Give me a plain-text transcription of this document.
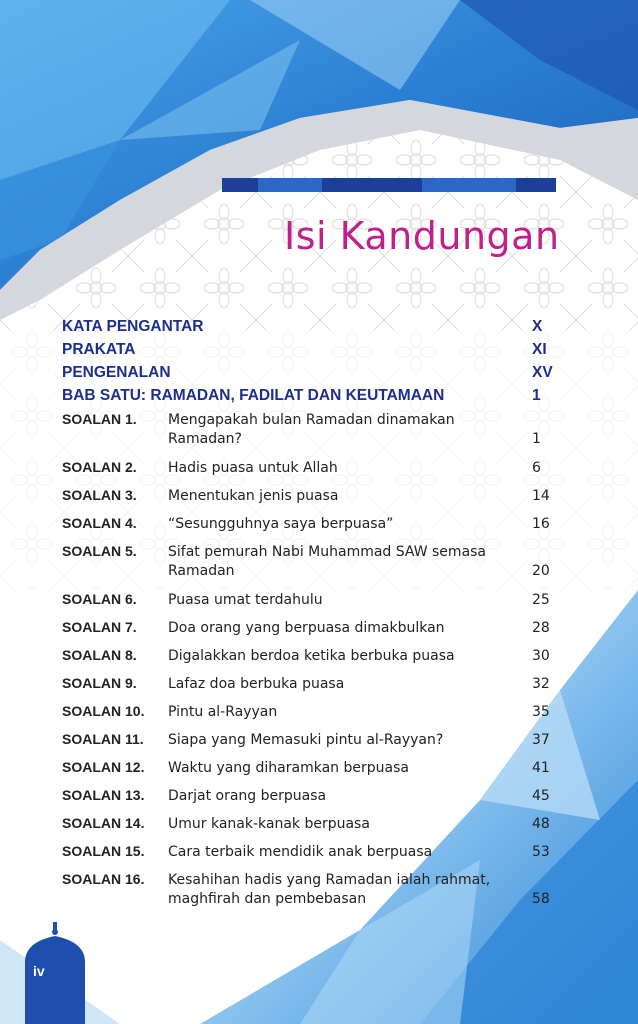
Isi Kandungan
KATA PENGANTAR	X
PRAKATA	XI
PENGENALAN	XV
BAB SATU: RAMADAN, FADILAT DAN KEUTAMAAN	1
SOALAN 1.	Mengapakah bulan Ramadan dinamakan Ramadan?	1
SOALAN 2.	Hadis puasa untuk Allah	6
SOALAN 3.	Menentukan jenis puasa	14
SOALAN 4.	“Sesungguhnya saya berpuasa”	16
SOALAN 5.	Sifat pemurah Nabi Muhammad SAW semasa Ramadan	20
SOALAN 6.	Puasa umat terdahulu	25
SOALAN 7.	Doa orang yang berpuasa dimakbulkan	28
SOALAN 8.	Digalakkan berdoa ketika berbuka puasa	30
SOALAN 9.	Lafaz doa berbuka puasa	32
SOALAN 10.	Pintu al-Rayyan	35
SOALAN 11.	Siapa yang Memasuki pintu al-Rayyan?	37
SOALAN 12.	Waktu yang diharamkan berpuasa	41
SOALAN 13.	Darjat orang berpuasa	45
SOALAN 14.	Umur kanak-kanak berpuasa	48
SOALAN 15.	Cara terbaik mendidik anak berpuasa	53
SOALAN 16.	Kesahihan hadis yang Ramadan ialah rahmat, maghfirah dan pembebasan	58
iv
